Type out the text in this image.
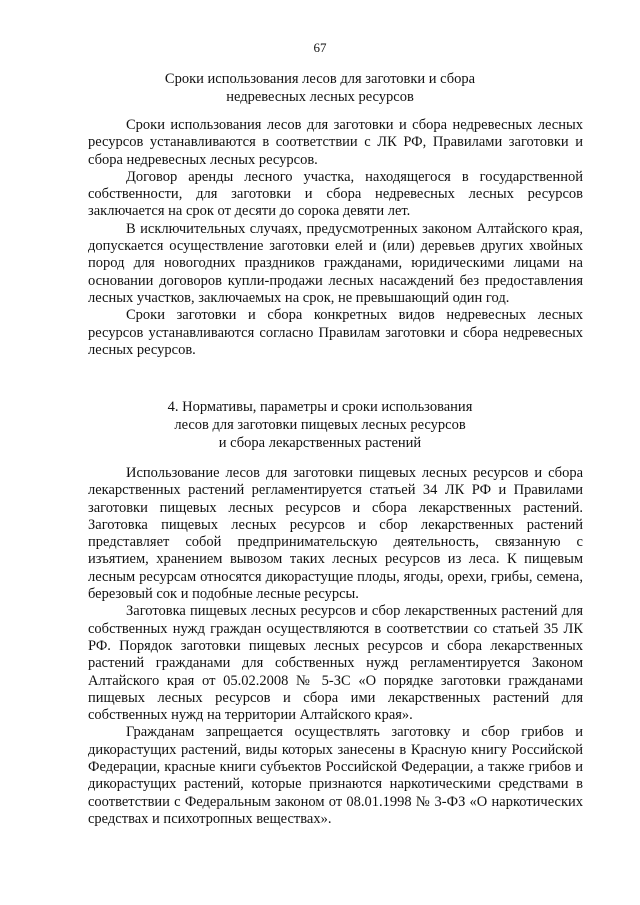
67
Сроки использования лесов для заготовки и сбора
недревесных лесных ресурсов

Сроки использования лесов для заготовки и сбора недревесных лесных ресурсов устанавливаются в соответствии с ЛК РФ, Правилами заготовки и сбора недревесных лесных ресурсов.

Договор аренды лесного участка, находящегося в государственной собственности, для заготовки и сбора недревесных лесных ресурсов заключается на срок от десяти до сорока девяти лет.

В исключительных случаях, предусмотренных законом Алтайского края, допускается осуществление заготовки елей и (или) деревьев других хвойных пород для новогодних праздников гражданами, юридическими лицами на основании договоров купли-продажи лесных насаждений без предоставления лесных участков, заключаемых на срок, не превышающий один год.

Сроки заготовки и сбора конкретных видов недревесных лесных ресурсов устанавливаются согласно Правилам заготовки и сбора недревесных лесных ресурсов.

4. Нормативы, параметры и сроки использования
лесов для заготовки пищевых лесных ресурсов
и сбора лекарственных растений

Использование лесов для заготовки пищевых лесных ресурсов и сбора лекарственных растений регламентируется статьей 34 ЛК РФ и Правилами заготовки пищевых лесных ресурсов и сбора лекарственных растений. Заготовка пищевых лесных ресурсов и сбор лекарственных растений представляет собой предпринимательскую деятельность, связанную с изъятием, хранением вывозом таких лесных ресурсов из леса. К пищевым лесным ресурсам относятся дикорастущие плоды, ягоды, орехи, грибы, семена, березовый сок и подобные лесные ресурсы.

Заготовка пищевых лесных ресурсов и сбор лекарственных растений для собственных нужд граждан осуществляются в соответствии со статьей 35 ЛК РФ. Порядок заготовки пищевых лесных ресурсов и сбора лекарственных растений гражданами для собственных нужд регламентируется Законом Алтайского края от 05.02.2008 № 5-ЗС «О порядке заготовки гражданами пищевых лесных ресурсов и сбора ими лекарственных растений для собственных нужд на территории Алтайского края».

Гражданам запрещается осуществлять заготовку и сбор грибов и дикорастущих растений, виды которых занесены в Красную книгу Российской Федерации, красные книги субъектов Российской Федерации, а также грибов и дикорастущих растений, которые признаются наркотическими средствами в соответствии с Федеральным законом от 08.01.1998 № 3-ФЗ «О наркотических средствах и психотропных веществах».
